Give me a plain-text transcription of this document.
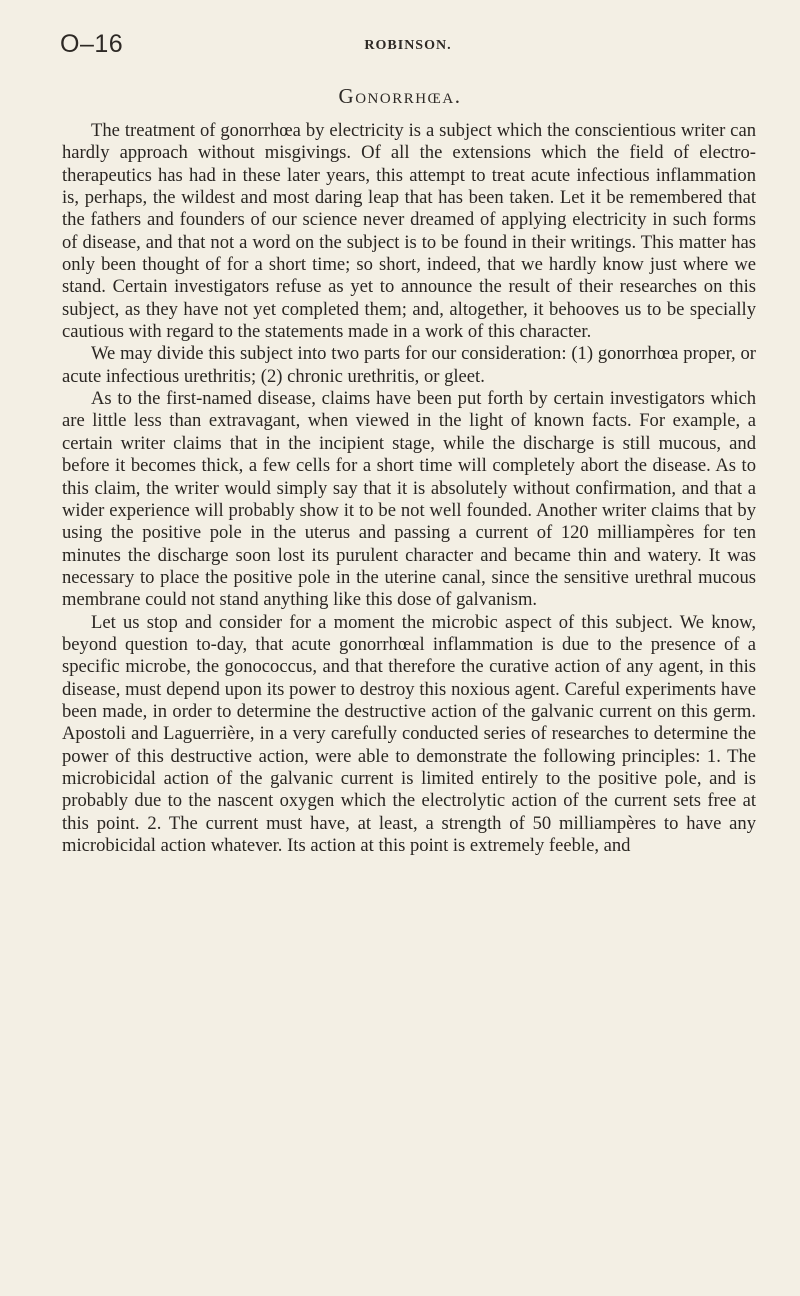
O–16	ROBINSON.
Gonorrhœa.

The treatment of gonorrhœa by electricity is a subject which the conscientious writer can hardly approach without misgivings. Of all the extensions which the field of electro-therapeutics has had in these later years, this attempt to treat acute infectious inflammation is, perhaps, the wildest and most daring leap that has been taken. Let it be remembered that the fathers and founders of our science never dreamed of applying electricity in such forms of disease, and that not a word on the subject is to be found in their writings. This matter has only been thought of for a short time; so short, indeed, that we hardly know just where we stand. Certain investigators refuse as yet to announce the result of their researches on this subject, as they have not yet completed them; and, altogether, it behooves us to be specially cautious with regard to the statements made in a work of this character.

We may divide this subject into two parts for our consideration: (1) gonorrhœa proper, or acute infectious urethritis; (2) chronic urethritis, or gleet.

As to the first-named disease, claims have been put forth by certain investigators which are little less than extravagant, when viewed in the light of known facts. For example, a certain writer claims that in the incipient stage, while the discharge is still mucous, and before it becomes thick, a few cells for a short time will completely abort the disease. As to this claim, the writer would simply say that it is absolutely without confirmation, and that a wider experience will probably show it to be not well founded. Another writer claims that by using the positive pole in the uterus and passing a current of 120 milliampères for ten minutes the discharge soon lost its purulent character and became thin and watery. It was necessary to place the positive pole in the uterine canal, since the sensitive urethral mucous membrane could not stand anything like this dose of galvanism.

Let us stop and consider for a moment the microbic aspect of this subject. We know, beyond question to-day, that acute gonorrhœal inflammation is due to the presence of a specific microbe, the gonococcus, and that therefore the curative action of any agent, in this disease, must depend upon its power to destroy this noxious agent. Careful experiments have been made, in order to determine the destructive action of the galvanic current on this germ. Apostoli and Laguerrière, in a very carefully conducted series of researches to determine the power of this destructive action, were able to demonstrate the following principles: 1. The microbicidal action of the galvanic current is limited entirely to the positive pole, and is probably due to the nascent oxygen which the electrolytic action of the current sets free at this point. 2. The current must have, at least, a strength of 50 milliampères to have any microbicidal action whatever. Its action at this point is extremely feeble, and
